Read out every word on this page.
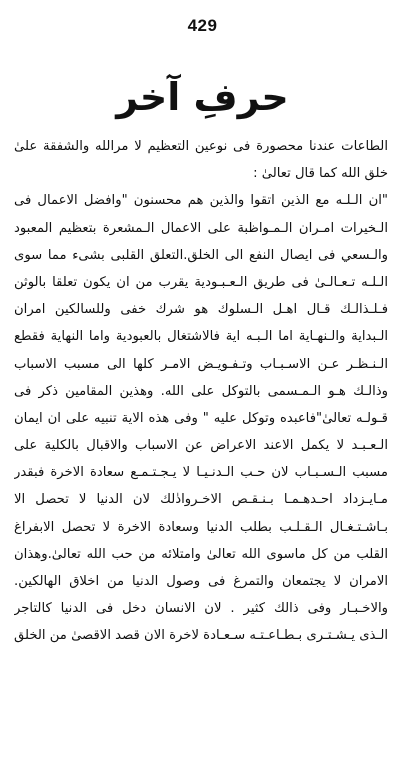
429
حرفِ آخر
الطاعات عندنا محصورة فی نوعین التعظیم لا مرالله والشفقة علیٰ
خلق الله كما قال تعالیٰ :
"ان الـلـه مع الذين اتقوا والذين هم محسنون "وافضل الاعمال فی
الـخيرات امـران الـمـواظبة علی الاعمال الـمشعرة بتعظيم المعبود
والـسعي فی ایصال النفع الی الخلق.التعلق القلبی بشیء مما سوی
الـلـه تـعـالـیٰ فی طریق الـعـبـودیة یقرب من ان یکون تعلقا بالوثن
فـلـذالـك قـال اهـل الـسلوك هو شرك خفی وللسالكين امران
الـبداية والـنهـاية اما الـبـه اية فالاشتغال بالعبودية واما النهاية فقطع
الـنـظـر عـن الاسـبـاب وتـفـويـض الامـر كلها الی مسبب الاسباب
وذالـك هـو الـمـسمی بالتوكل علی الله. وهذين المقامين ذكر فی
قـولـه تعالیٰ"فاعبده وتوكل عليه " وفی هذه الاية تنبيه علی ان ايمان
الـعـبـد لا يكمل الاعند الاعراض عن الاسباب والاقبال بالكلية علی
مسبب الـسـبـاب لان حـب الـدنـيـا لا يـجـتـمـع سعادة الاخرة فبقدر
مـايـزداد احـدهـمـا بـنـقـص الاخـروادٰلك لان الدنيا لا تحصل الا
بـاشـتـغـال الـقـلـب بطلب الدنيا وسعادة الاخرة لا تحصل الابفراغ
القلب من كل ماسوی الله تعالیٰ وامتلائه من حب الله تعالیٰ.وهذان
الامران لا يجتمعان والتمرغ فی وصول الدنيا من اخلاق الهالكين.
والاخـبـار وفی ذالك كثير . لان الانسان دخل فی الدنيا كالتاجر
الـذی يـشـتـری بـطـاعـتـه سـعـادة لاخرة الان قصد الاقصیٰ من الخلق
